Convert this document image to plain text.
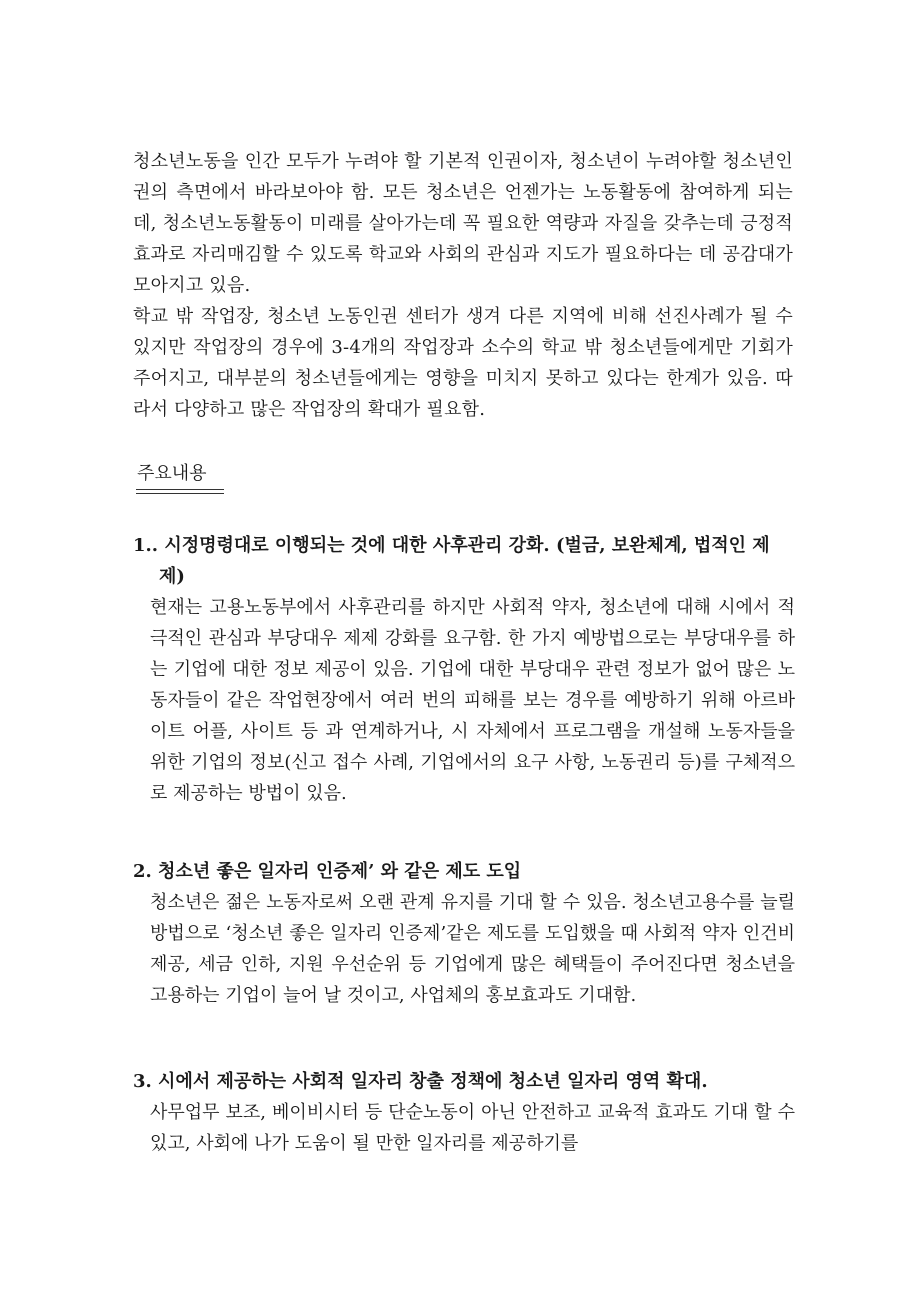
청소년노동을 인간 모두가 누려야 할 기본적 인권이자, 청소년이 누려야할 청소년인권의 측면에서 바라보아야 함. 모든 청소년은 언젠가는 노동활동에 참여하게 되는데, 청소년노동활동이 미래를 살아가는데 꼭 필요한 역량과 자질을 갖추는데 긍정적 효과로 자리매김할 수 있도록 학교와 사회의 관심과 지도가 필요하다는 데 공감대가 모아지고 있음.

학교 밖 작업장, 청소년 노동인권 센터가 생겨 다른 지역에 비해 선진사례가 될 수 있지만 작업장의 경우에 3-4개의 작업장과 소수의 학교 밖 청소년들에게만 기회가 주어지고, 대부분의 청소년들에게는 영향을 미치지 못하고 있다는 한계가 있음. 따라서 다양하고 많은 작업장의 확대가 필요함.

주요내용

1.. 시정명령대로 이행되는 것에 대한 사후관리 강화. (벌금, 보완체계, 법적인 제제)

현재는 고용노동부에서 사후관리를 하지만 사회적 약자, 청소년에 대해 시에서 적극적인 관심과 부당대우 제제 강화를 요구함. 한 가지 예방법으로는 부당대우를 하는 기업에 대한 정보 제공이 있음. 기업에 대한 부당대우 관련 정보가 없어 많은 노동자들이 같은 작업현장에서 여러 번의 피해를 보는 경우를 예방하기 위해 아르바이트 어플, 사이트 등 과 연계하거나, 시 자체에서 프로그램을 개설해 노동자들을 위한 기업의 정보(신고 접수 사례, 기업에서의 요구 사항, 노동권리 등)를 구체적으로 제공하는 방법이 있음.

2. 청소년 좋은 일자리 인증제’ 와 같은 제도 도입

청소년은 젊은 노동자로써 오랜 관계 유지를 기대 할 수 있음. 청소년고용수를 늘릴 방법으로 ‘청소년 좋은 일자리 인증제’같은 제도를 도입했을 때 사회적 약자 인건비 제공, 세금 인하, 지원 우선순위 등 기업에게 많은 혜택들이 주어진다면 청소년을 고용하는 기업이 늘어 날 것이고, 사업체의 홍보효과도 기대함.

3. 시에서 제공하는 사회적 일자리 창출 정책에 청소년 일자리 영역 확대.

사무업무 보조, 베이비시터 등 단순노동이 아닌 안전하고 교육적 효과도 기대 할 수 있고, 사회에 나가 도움이 될 만한 일자리를 제공하기를
